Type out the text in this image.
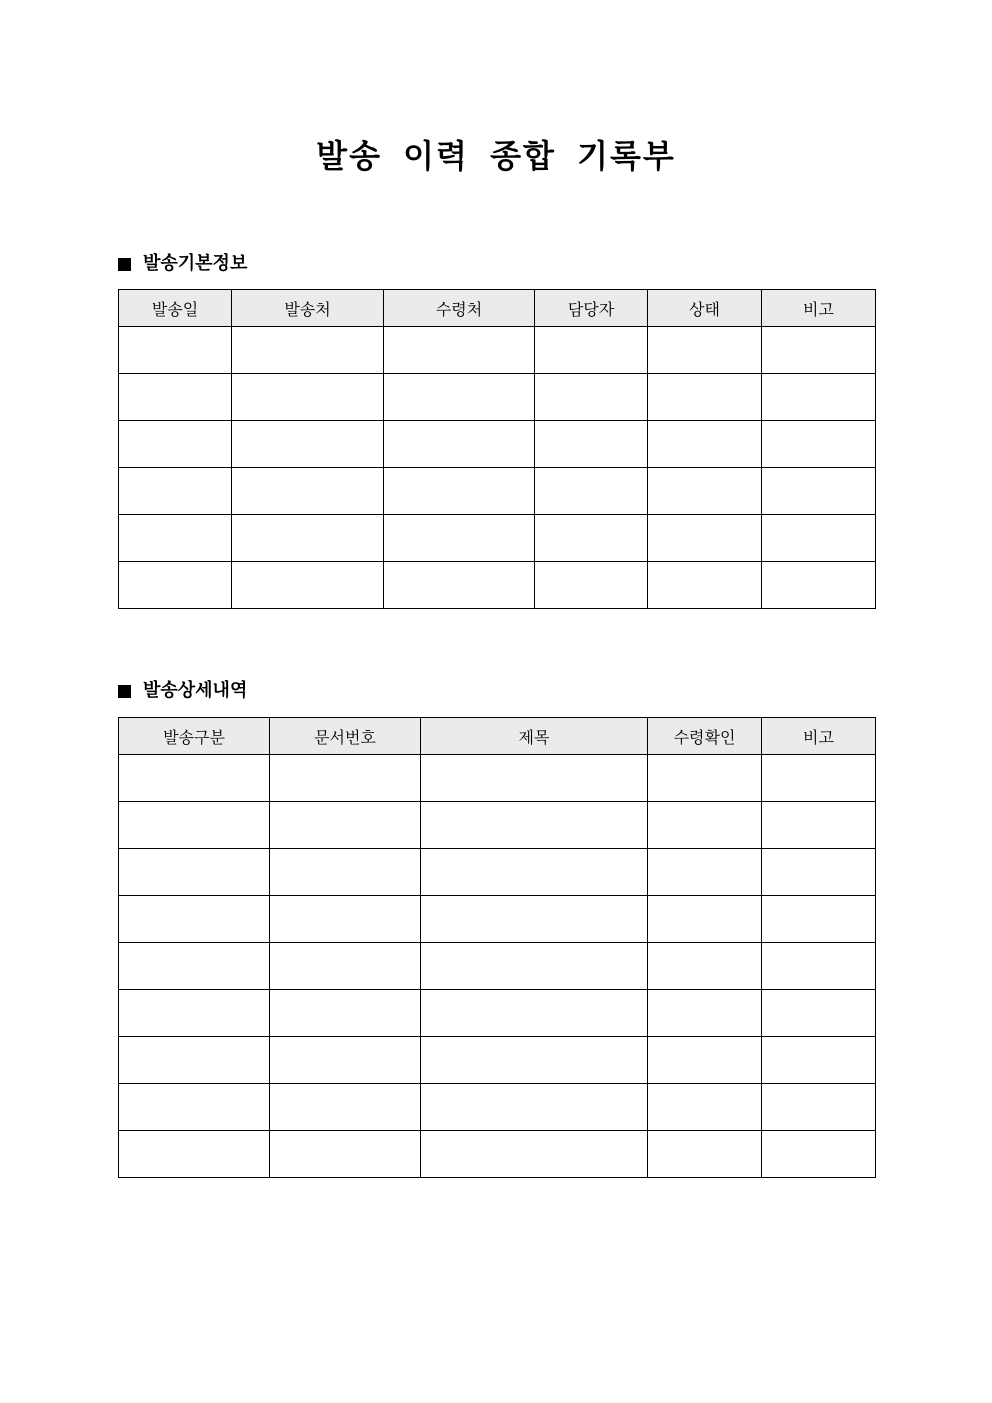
발송 이력 종합 기록부
발송기본정보
발송일	발송처	수령처	담당자	상태	비고

발송상세내역
발송구분	문서번호	제목	수령확인	비고
